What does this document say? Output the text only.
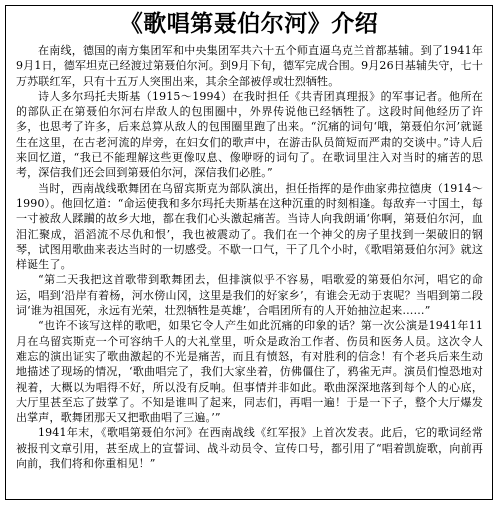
《歌唱第聂伯尔河》介绍

在南线，德国的南方集团军和中央集团军共六十五个师直逼乌克兰首都基辅。到了1941年9月1日，德军坦克已经渡过第聂伯尔河。到9月下旬，德军完成合围。9月26日基辅失守，七十万苏联红军，只有十五万人突围出来，其余全部被俘或壮烈牺牲。

诗人多尔玛托夫斯基（1915～1994）在我时担任《共青团真理报》的军事记者。他所在的部队正在第聂伯尔河右岸敌人的包围圈中，外界传说他已经牺牲了。这段时间他经历了许多，也思考了许多，后来总算从敌人的包围圈里跑了出来。“沉痛的词句‘哦，第聂伯尔河’就诞生在这里，在古老河流的岸旁，在妇女们的歌声中，在游击队员简短而严肃的交谈中。”诗人后来回忆道，“我已不能理解这些更像叹息、像咿呀的词句了。在歌词里注入对当时的痛苦的思考，深信我们还会回到第聂伯尔河，深信我们必胜。”

当时，西南战线歌舞团在乌留宾斯克为部队演出，担任指挥的是作曲家弗拉德庚（1914～1990）。他回忆道：“命运使我和多尔玛托夫斯基在这种沉重的时刻相逢。每敌弃一寸国土，每一寸被敌人蹂躏的故乡大地，都在我们心头激起痛苦。当诗人向我朗诵‘你啊，第聂伯尔河，血泪汇聚成，滔滔流不尽仇和恨’，我也被震动了。我们在一个神父的房子里找到一架破旧的钢琴，试图用歌曲来表达当时的一切感受。不歇一口气，干了几个小时，《歌唱第聂伯尔河》就这样诞生了。

“第二天我把这首歌带到歌舞团去，但排演似乎不容易，唱歌爱的第聂伯尔河，唱它的命运，唱到‘沿岸有着杨，河水傍山冈，这里是我们的好家乡’，有谁会无动于衷呢？当唱到第二段词‘谁为祖国死，永远有光荣，壮烈牺牲是英雄’，合唱团所有的人开始抽泣起来……”

“也许不该写这样的歌吧，如果它令人产生如此沉痛的印象的话？第一次公演是1941年11月在乌留宾斯克一个可容纳千人的大礼堂里，听众是政治工作者、伤员和医务人员。这次令人难忘的演出证实了歌曲激起的不光是痛苦，而且有愤怒，有对胜利的信念！有个老兵后来生动地描述了现场的情况，‘歌曲唱完了，我们大家坐着，仿佛僵住了，鸦雀无声。演员们惶恐地对视着，大概以为唱得不好，所以没有反响。但事情并非如此。歌曲深深地落到每个人的心底，大厅里甚至忘了鼓掌了。不知是谁叫了起来，同志们，再唱一遍！于是一下子，整个大厅爆发出掌声，歌舞团那天又把歌曲唱了三遍。’”

1941年末，《歌唱第聂伯尔河》在西南战线《红军报》上首次发表。此后，它的歌词经常被报刊文章引用，甚至成上的宣誓词、战斗动员令、宣传口号，都引用了“唱着凯旋歌，向前再向前，我们将和你重相见！”
